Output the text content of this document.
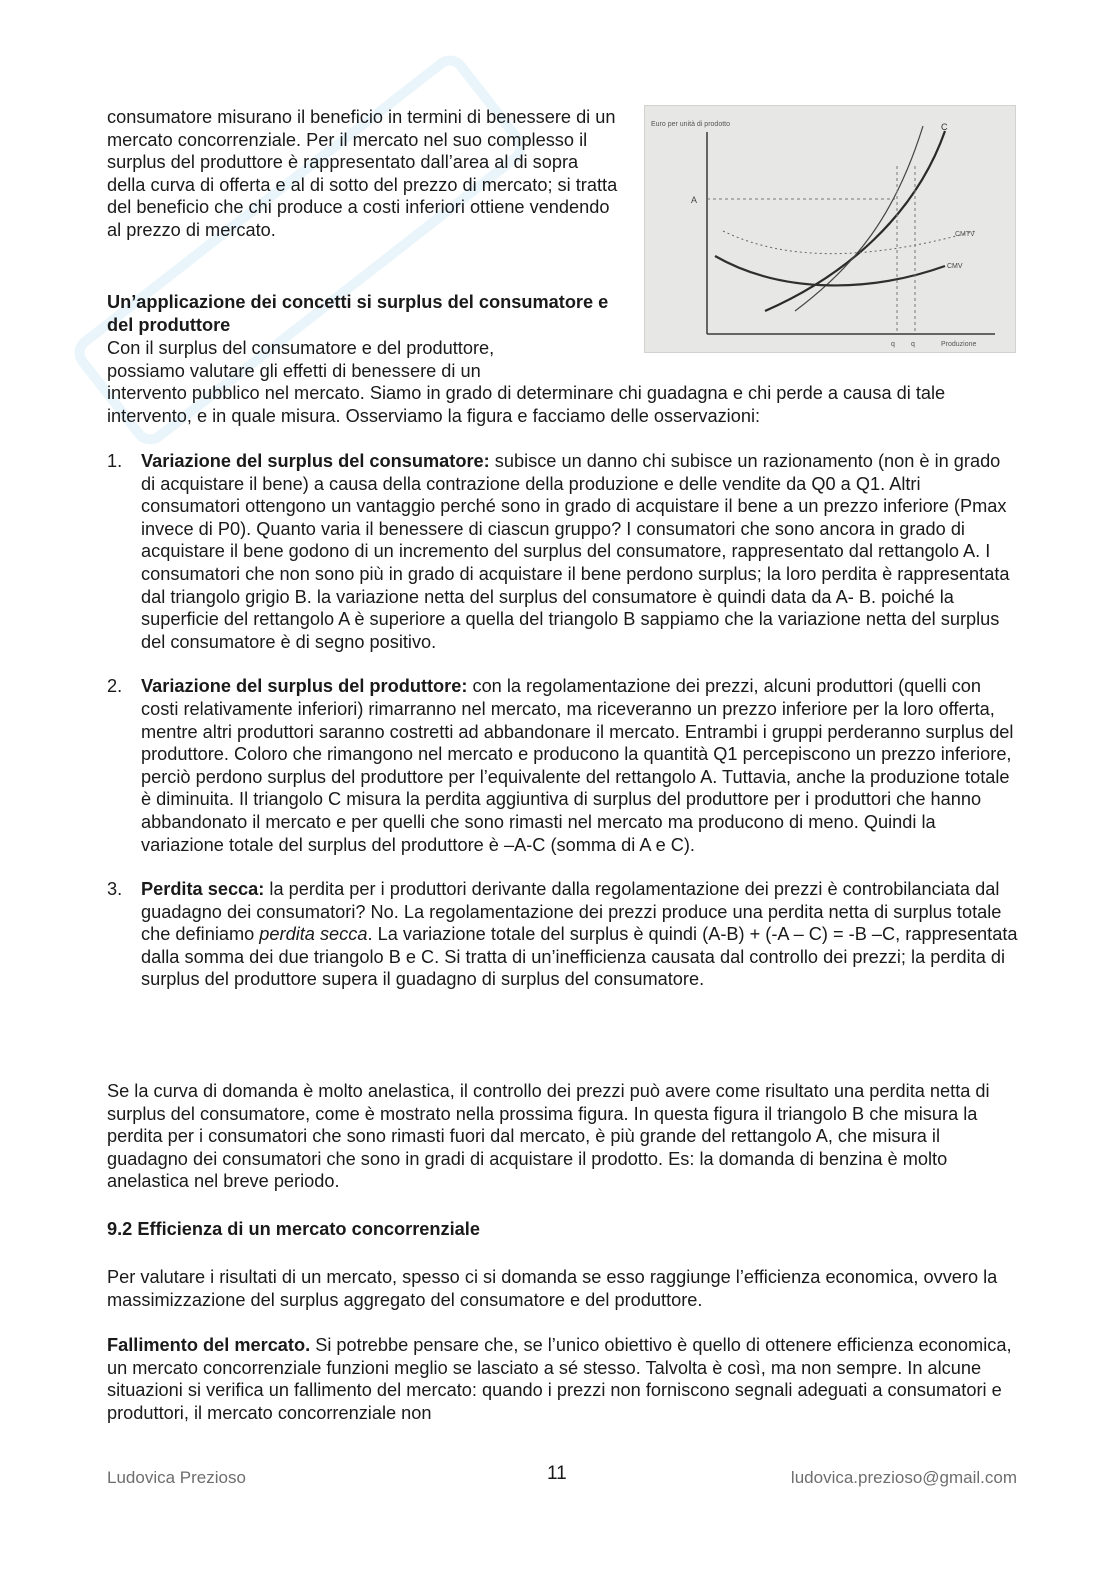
Euro per unità di prodotto
Produzione
A
C
CMTV
CMV
q q

consumatore misurano il beneficio in termini di benessere di un mercato concorrenziale. Per il mercato nel suo complesso il surplus del produttore è rappresentato dall’area al di sopra della curva di offerta e al di sotto del prezzo di mercato; si tratta del beneficio che chi produce a costi inferiori ottiene vendendo al prezzo di mercato.

Un’applicazione dei concetti si surplus del consumatore e del produttore

Con il surplus del consumatore e del produttore,
possiamo valutare gli effetti di benessere di un
intervento pubblico nel mercato. Siamo in grado di determinare chi guadagna e chi perde a causa di tale intervento, e in quale misura. Osserviamo la figura e facciamo delle osservazioni:

1. Variazione del surplus del consumatore: subisce un danno chi subisce un razionamento (non è in grado di acquistare il bene) a causa della contrazione della produzione e delle vendite da Q0 a Q1. Altri consumatori ottengono un vantaggio perché sono in grado di acquistare il bene a un prezzo inferiore (Pmax invece di P0). Quanto varia il benessere di ciascun gruppo? I consumatori che sono ancora in grado di acquistare il bene godono di un incremento del surplus del consumatore, rappresentato dal rettangolo A. I consumatori che non sono più in grado di acquistare il bene perdono surplus; la loro perdita è rappresentata dal triangolo grigio B. la variazione netta del surplus del consumatore è quindi data da A- B. poiché la superficie del rettangolo A è superiore a quella del triangolo B sappiamo che la variazione netta del surplus del consumatore è di segno positivo.
2. Variazione del surplus del produttore: con la regolamentazione dei prezzi, alcuni produttori (quelli con costi relativamente inferiori) rimarranno nel mercato, ma riceveranno un prezzo inferiore per la loro offerta, mentre altri produttori saranno costretti ad abbandonare il mercato. Entrambi i gruppi perderanno surplus del produttore. Coloro che rimangono nel mercato e producono la quantità Q1 percepiscono un prezzo inferiore, perciò perdono surplus del produttore per l’equivalente del rettangolo A. Tuttavia, anche la produzione totale è diminuita. Il triangolo C misura la perdita aggiuntiva di surplus del produttore per i produttori che hanno abbandonato il mercato e per quelli che sono rimasti nel mercato ma producono di meno. Quindi la variazione totale del surplus del produttore è –A-C (somma di A e C).
3. Perdita secca: la perdita per i produttori derivante dalla regolamentazione dei prezzi è controbilanciata dal guadagno dei consumatori? No. La regolamentazione dei prezzi produce una perdita netta di surplus totale che definiamo perdita secca. La variazione totale del surplus è quindi (A-B) + (-A – C) = -B –C, rappresentata dalla somma dei due triangolo B e C. Si tratta di un’inefficienza causata dal controllo dei prezzi; la perdita di surplus del produttore supera il guadagno di surplus del consumatore.

Se la curva di domanda è molto anelastica, il controllo dei prezzi può avere come risultato una perdita netta di surplus del consumatore, come è mostrato nella prossima figura. In questa figura il triangolo B che misura la perdita per i consumatori che sono rimasti fuori dal mercato, è più grande del rettangolo A, che misura il guadagno dei consumatori che sono in gradi di acquistare il prodotto. Es: la domanda di benzina è molto anelastica nel breve periodo.

9.2 Efficienza di un mercato concorrenziale

Per valutare i risultati di un mercato, spesso ci si domanda se esso raggiunge l’efficienza economica, ovvero la massimizzazione del surplus aggregato del consumatore e del produttore.

Fallimento del mercato. Si potrebbe pensare che, se l’unico obiettivo è quello di ottenere efficienza economica, un mercato concorrenziale funzioni meglio se lasciato a sé stesso. Talvolta è così, ma non sempre. In alcune situazioni si verifica un fallimento del mercato: quando i prezzi non forniscono segnali adeguati a consumatori e produttori, il mercato concorrenziale non

Ludovica Prezioso	11	ludovica.prezioso@gmail.com
